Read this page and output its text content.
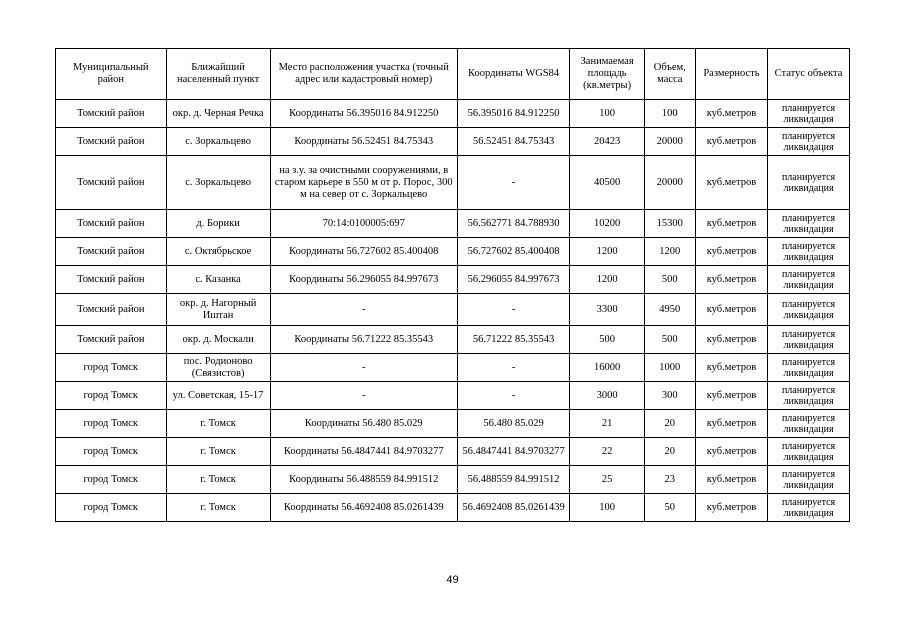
Муниципальный район	Ближайший населенный пункт	Место расположения участка (точный адрес или кадастровый номер)	Координаты WGS84	Занимаемая площадь (кв.метры)	Объем, масса	Размерность	Статус объекта
Томский район	окр. д. Черная Речка	Координаты 56.395016 84.912250	56.395016 84.912250	100	100	куб.метров	планируется ликвидация
Томский район	с. Зоркальцево	Координаты 56.52451 84.75343	56.52451 84.75343	20423	20000	куб.метров	планируется ликвидация
Томский район	с. Зоркальцево	на з.у. за очистными сооружениями, в старом карьере в 550 м от р. Порос, 300 м на север от с. Зоркальцево	-	40500	20000	куб.метров	планируется ликвидация
Томский район	д. Борики	70:14:0100005:697	56.562771 84.788930	10200	15300	куб.метров	планируется ликвидация
Томский район	с. Октябрьское	Координаты 56.727602 85.400408	56.727602 85.400408	1200	1200	куб.метров	планируется ликвидация
Томский район	с. Казанка	Координаты 56.296055 84.997673	56.296055 84.997673	1200	500	куб.метров	планируется ликвидация
Томский район	окр. д. Нагорный Иштан	-	-	3300	4950	куб.метров	планируется ликвидация
Томский район	окр. д. Москали	Координаты 56.71222 85.35543	56.71222 85.35543	500	500	куб.метров	планируется ликвидация
город Томск	пос. Родионово (Связистов)	-	-	16000	1000	куб.метров	планируется ликвидация
город Томск	ул. Советская, 15-17	-	-	3000	300	куб.метров	планируется ликвидация
город Томск	г. Томск	Координаты 56.480 85.029	56.480 85.029	21	20	куб.метров	планируется ликвидация
город Томск	г. Томск	Координаты 56.4847441 84.9703277	56.4847441 84.9703277	22	20	куб.метров	планируется ликвидация
город Томск	г. Томск	Координаты 56.488559 84.991512	56.488559 84.991512	25	23	куб.метров	планируется ликвидация
город Томск	г. Томск	Координаты 56.4692408 85.0261439	56.4692408 85.0261439	100	50	куб.метров	планируется ликвидация
49
